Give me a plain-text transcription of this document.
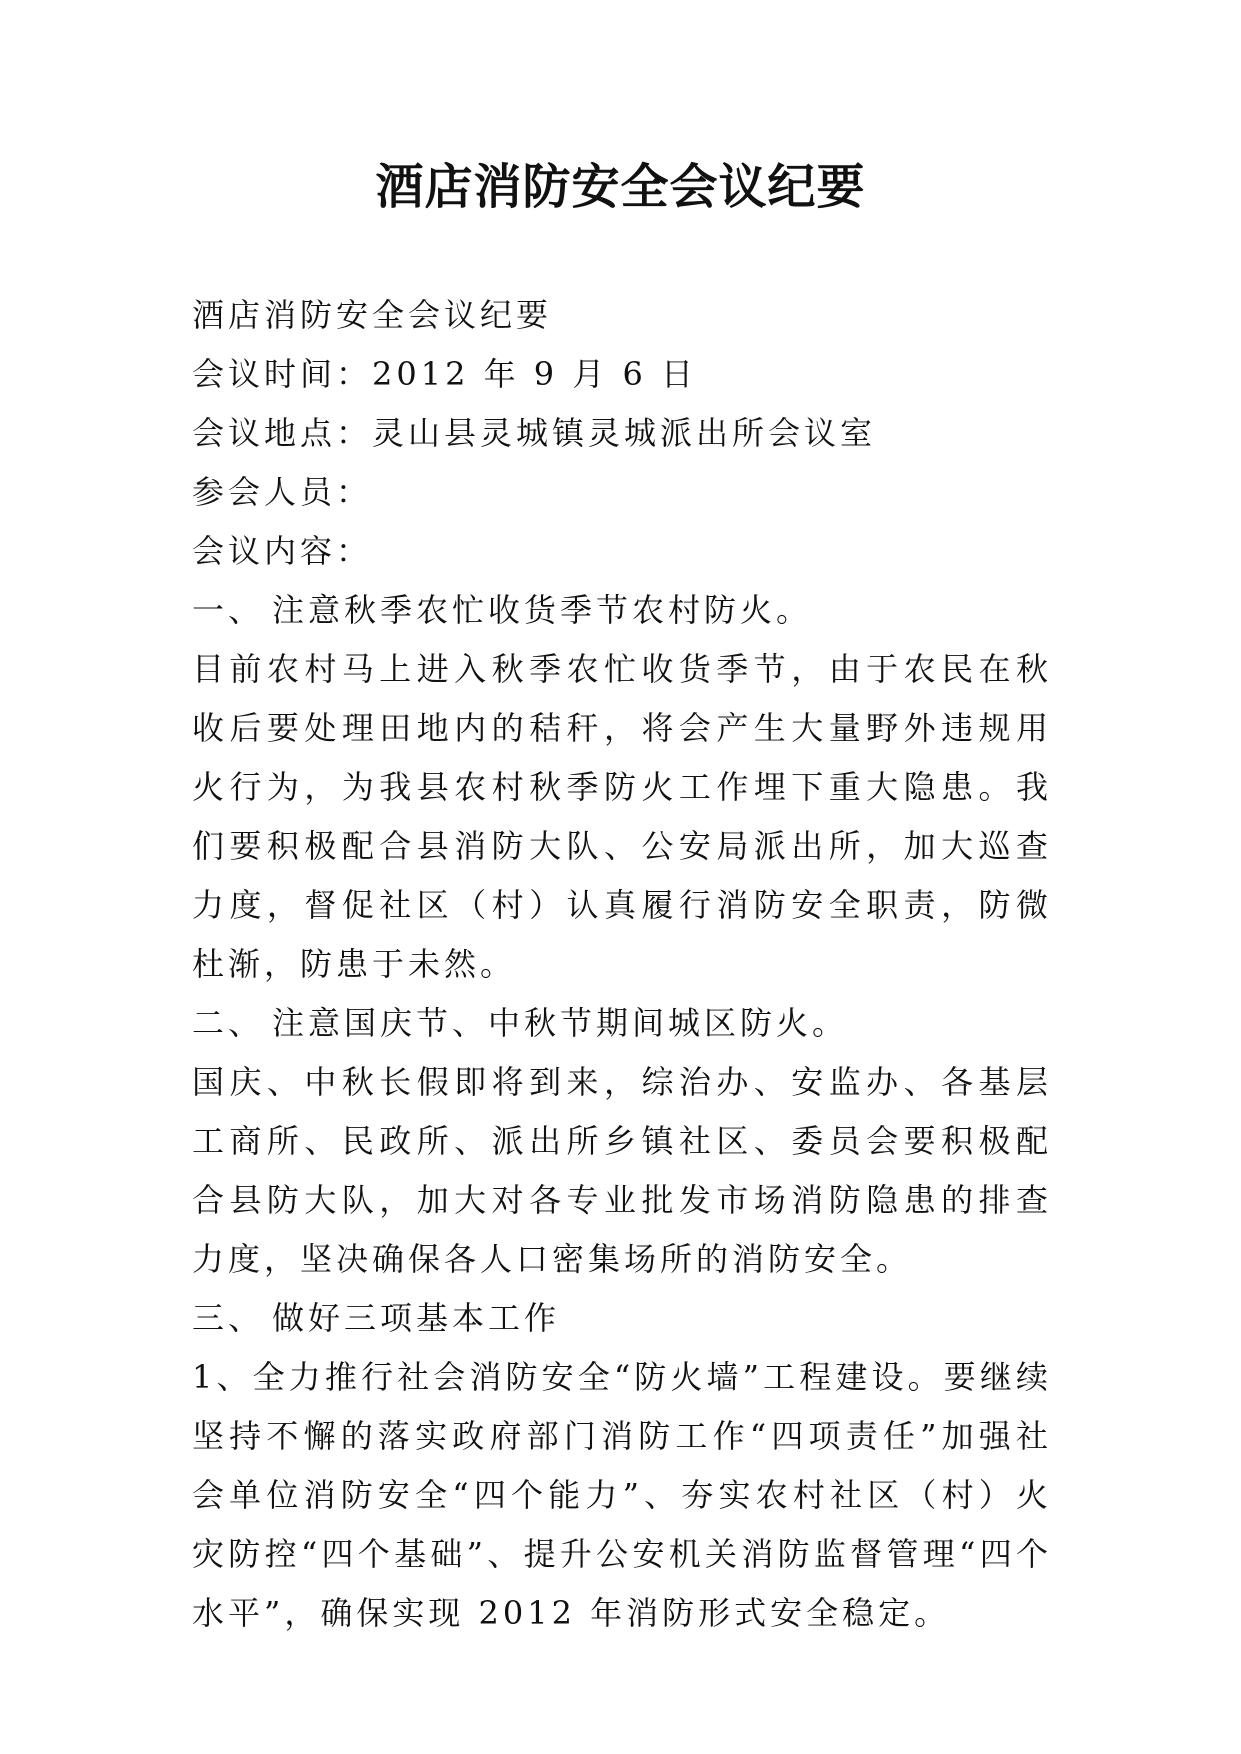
酒店消防安全会议纪要

酒店消防安全会议纪要

会议时间：2012 年 9 月 6 日

会议地点：灵山县灵城镇灵城派出所会议室

参会人员：

会议内容：

一、 注意秋季农忙收货季节农村防火。

目前农村马上进入秋季农忙收货季节，由于农民在秋收后要处理田地内的秸秆，将会产生大量野外违规用火行为，为我县农村秋季防火工作埋下重大隐患。我们要积极配合县消防大队、公安局派出所，加大巡查力度，督促社区（村）认真履行消防安全职责，防微杜渐，防患于未然。

二、 注意国庆节、中秋节期间城区防火。

国庆、中秋长假即将到来，综治办、安监办、各基层工商所、民政所、派出所乡镇社区、委员会要积极配合县防大队，加大对各专业批发市场消防隐患的排查力度，坚决确保各人口密集场所的消防安全。

三、 做好三项基本工作

1、全力推行社会消防安全“防火墙”工程建设。要继续坚持不懈的落实政府部门消防工作“四项责任”加强社会单位消防安全“四个能力”、夯实农村社区（村）火灾防控“四个基础”、提升公安机关消防监督管理“四个水平”，确保实现 2012 年消防形式安全稳定。
